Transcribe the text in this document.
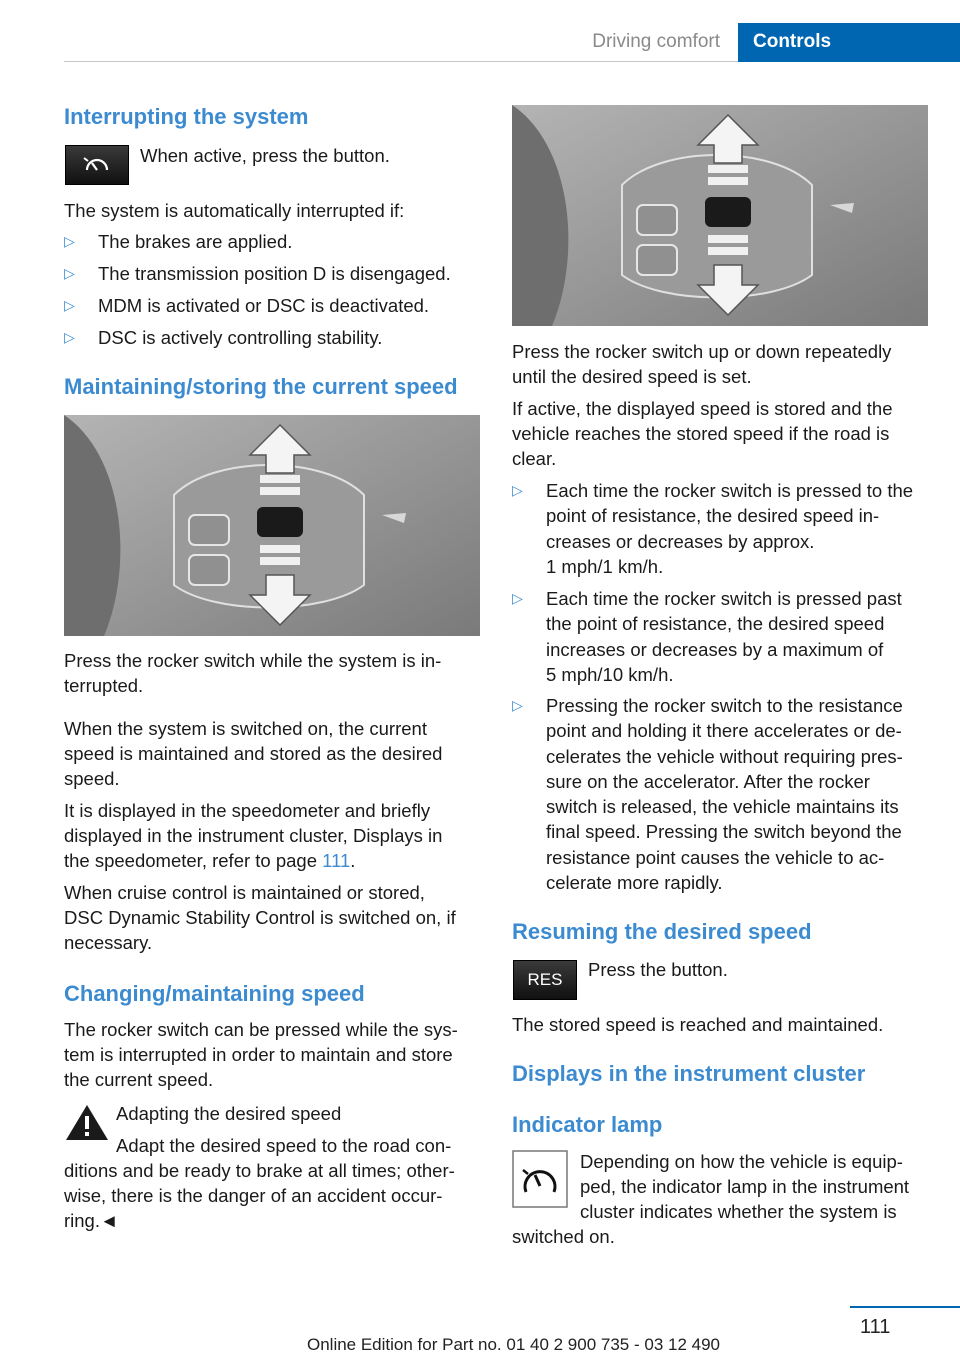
Driving comfort	Controls
Interrupting the system

When active, press the button.

The system is automatically interrupted if:

▷ The brakes are applied.
▷ The transmission position D is disengaged.
▷ MDM is activated or DSC is deactivated.
▷ DSC is actively controlling stability.
Maintaining/storing the current speed

Press the rocker switch while the system is in-

terrupted.

When the system is switched on, the current

speed is maintained and stored as the desired

speed.

It is displayed in the speedometer and briefly

displayed in the instrument cluster, Displays in

the speedometer, refer to page 111.

When cruise control is maintained or stored,

DSC Dynamic Stability Control is switched on, if

necessary.

Changing/maintaining speed

The rocker switch can be pressed while the sys-

tem is interrupted in order to maintain and store

the current speed.

Adapting the desired speed

Adapt the desired speed to the road con-

ditions and be ready to brake at all times; other-

wise, there is the danger of an accident occur-

ring.◄

Press the rocker switch up or down repeatedly

until the desired speed is set.

If active, the displayed speed is stored and the

vehicle reaches the stored speed if the road is

clear.

▷ Each time the rocker switch is pressed to the
point of resistance, the desired speed in-
creases or decreases by approx.
1 mph/1 km/h.
▷ Each time the rocker switch is pressed past
the point of resistance, the desired speed
increases or decreases by a maximum of
5 mph/10 km/h.
▷ Pressing the rocker switch to the resistance
point and holding it there accelerates or de-
celerates the vehicle without requiring pres-
sure on the accelerator. After the rocker
switch is released, the vehicle maintains its
final speed. Pressing the switch beyond the
resistance point causes the vehicle to ac-
celerate more rapidly.
Resuming the desired speed
RES	Press the button.

The stored speed is reached and maintained.

Displays in the instrument cluster
Indicator lamp

Depending on how the vehicle is equip-

ped, the indicator lamp in the instrument

cluster indicates whether the system is

switched on.

111
Online Edition for Part no. 01 40 2 900 735 - 03 12 490
